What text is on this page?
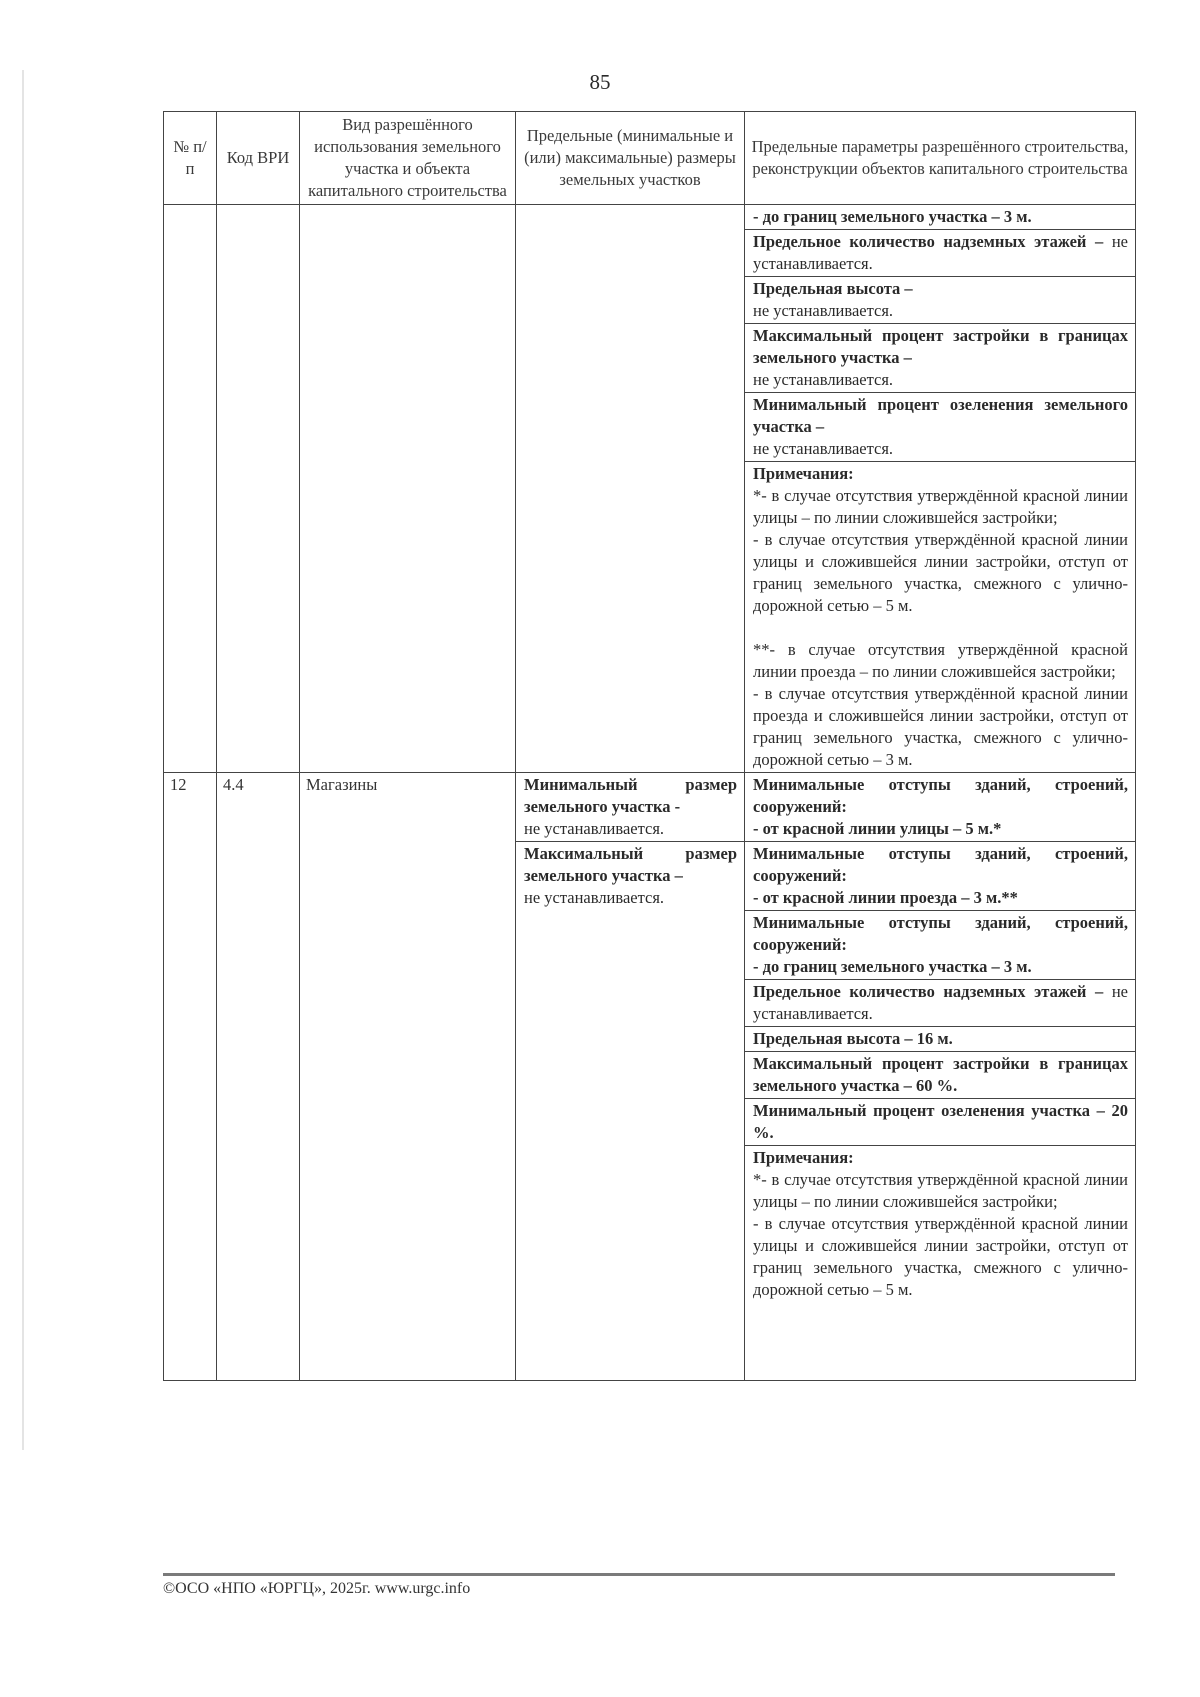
85
№ п/п	Код ВРИ	Вид разрешённого использования земельного участка и объекта капитального строительства	Предельные (минимальные и (или) максимальные) размеры земельных участков	Предельные параметры разрешённого строительства, реконструкции объектов капитального строительства
				- до границ земельного участка – 3 м.
				Предельное количество надземных этажей – не устанавливается.

				Предельная высота –
не устанавливается.

				Максимальный процент застройки в границах земельного участка –
не устанавливается.

				Минимальный процент озеленения земельного участка –
не устанавливается.

				Примечания:
*- в случае отсутствия утверждённой красной линии улицы – по линии сложившейся застройки;
- в случае отсутствия утверждённой красной линии улицы и сложившейся линии застройки, отступ от границ земельного участка, смежного с улично-дорожной сетью – 5 м.
**- в случае отсутствия утверждённой красной линии проезда – по линии сложившейся застройки;
- в случае отсутствия утверждённой красной линии проезда и сложившейся линии застройки, отступ от границ земельного участка, смежного с улично-дорожной сетью – 3 м.

12	4.4	Магазины	Минимальный размер земельного участка -
не устанавливается.	Минимальные отступы зданий, строений, сооружений:
- от красной линии улицы – 5 м.*

			Максимальный размер земельного участка –
не устанавливается.	Минимальные отступы зданий, строений, сооружений:
- от красной линии проезда – 3 м.**

				Минимальные отступы зданий, строений, сооружений:
- до границ земельного участка – 3 м.
				Предельное количество надземных этажей – не устанавливается.
				Предельная высота – 16 м.
				Максимальный процент застройки в границах земельного участка – 60 %.
				Минимальный процент озеленения участка – 20 %.

				Примечания:
*- в случае отсутствия утверждённой красной линии улицы – по линии сложившейся застройки;
- в случае отсутствия утверждённой красной линии улицы и сложившейся линии застройки, отступ от границ земельного участка, смежного с улично-дорожной сетью – 5 м.
©ОСО «НПО «ЮРГЦ», 2025г. www.urgc.info
